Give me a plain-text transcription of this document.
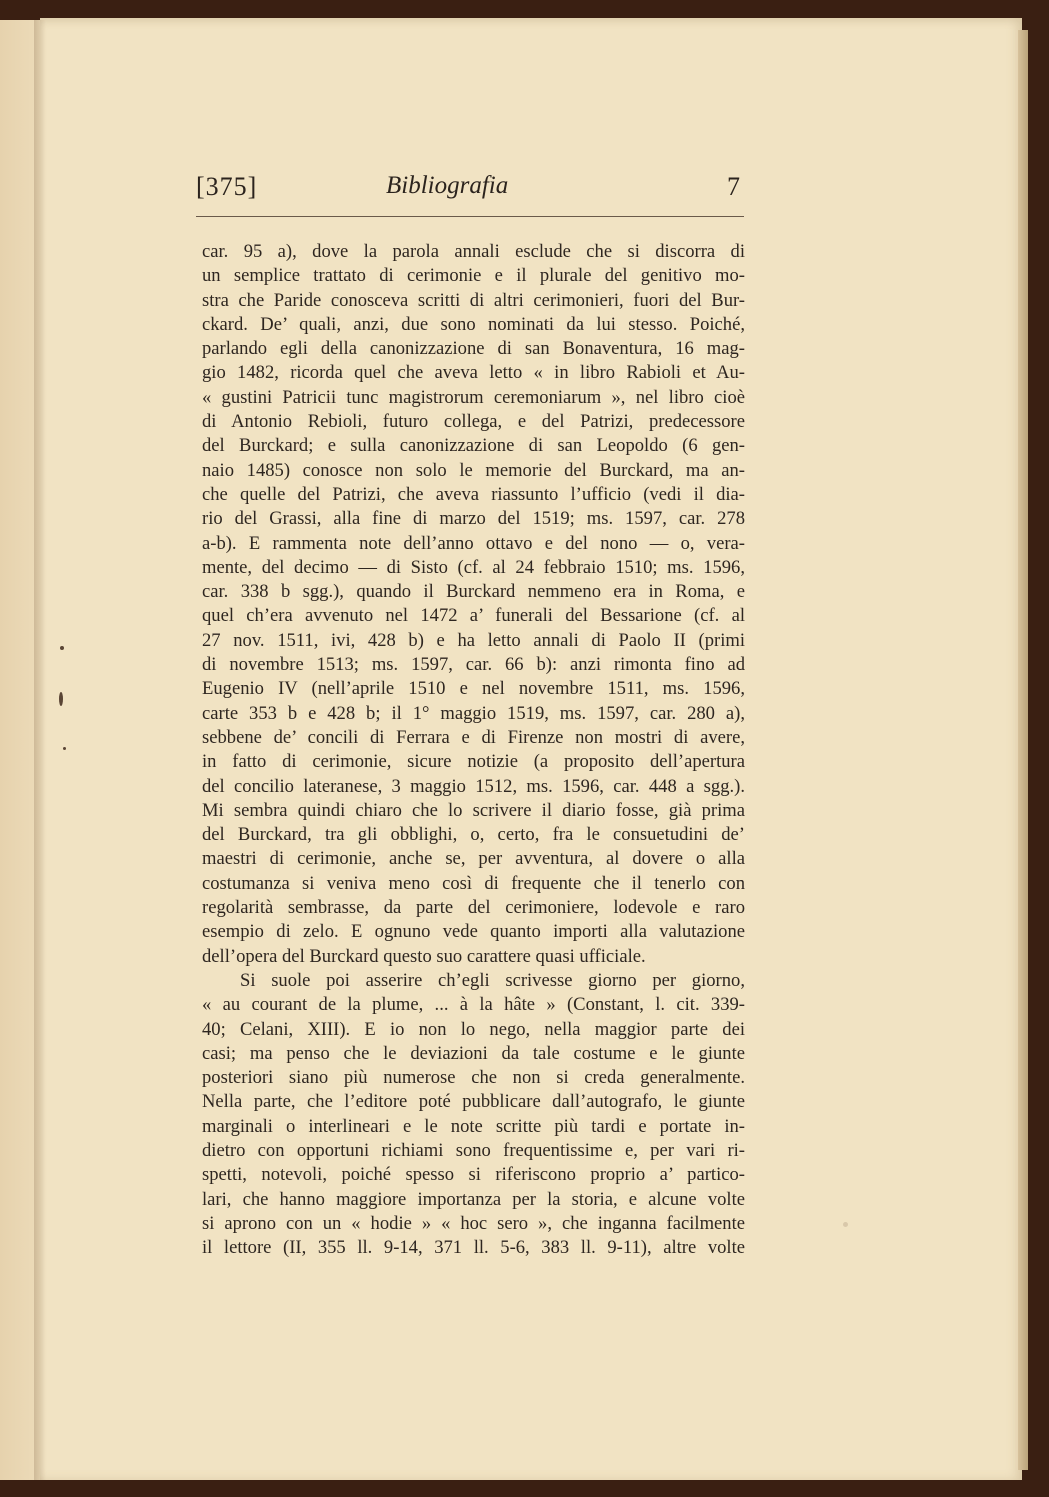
[375]	Bibliografia	7
car. 95 a), dove la parola annali esclude che si discorra di
un semplice trattato di cerimonie e il plurale del genitivo mo-
stra che Paride conosceva scritti di altri cerimonieri, fuori del Bur-
ckard. De’ quali, anzi, due sono nominati da lui stesso. Poiché,
parlando egli della canonizzazione di san Bonaventura, 16 mag-
gio 1482, ricorda quel che aveva letto « in libro Rabioli et Au-
« gustini Patricii tunc magistrorum ceremoniarum », nel libro cioè
di Antonio Rebioli, futuro collega, e del Patrizi, predecessore
del Burckard; e sulla canonizzazione di san Leopoldo (6 gen-
naio 1485) conosce non solo le memorie del Burckard, ma an-
che quelle del Patrizi, che aveva riassunto l’ufficio (vedi il dia-
rio del Grassi, alla fine di marzo del 1519; ms. 1597, car. 278
a-b). E rammenta note dell’anno ottavo e del nono — o, vera-
mente, del decimo — di Sisto (cf. al 24 febbraio 1510; ms. 1596,
car. 338 b sgg.), quando il Burckard nemmeno era in Roma, e
quel ch’era avvenuto nel 1472 a’ funerali del Bessarione (cf. al
27 nov. 1511, ivi, 428 b) e ha letto annali di Paolo II (primi
di novembre 1513; ms. 1597, car. 66 b): anzi rimonta fino ad
Eugenio IV (nell’aprile 1510 e nel novembre 1511, ms. 1596,
carte 353 b e 428 b; il 1° maggio 1519, ms. 1597, car. 280 a),
sebbene de’ concili di Ferrara e di Firenze non mostri di avere,
in fatto di cerimonie, sicure notizie (a proposito dell’apertura
del concilio lateranese, 3 maggio 1512, ms. 1596, car. 448 a sgg.).
Mi sembra quindi chiaro che lo scrivere il diario fosse, già prima
del Burckard, tra gli obblighi, o, certo, fra le consuetudini de’
maestri di cerimonie, anche se, per avventura, al dovere o alla
costumanza si veniva meno così di frequente che il tenerlo con
regolarità sembrasse, da parte del cerimoniere, lodevole e raro
esempio di zelo. E ognuno vede quanto importi alla valutazione
dell’opera del Burckard questo suo carattere quasi ufficiale.
Si suole poi asserire ch’egli scrivesse giorno per giorno,
« au courant de la plume, ... à la hâte » (Constant, l. cit. 339-
40; Celani, XIII). E io non lo nego, nella maggior parte dei
casi; ma penso che le deviazioni da tale costume e le giunte
posteriori siano più numerose che non si creda generalmente.
Nella parte, che l’editore poté pubblicare dall’autografo, le giunte
marginali o interlineari e le note scritte più tardi e portate in-
dietro con opportuni richiami sono frequentissime e, per vari ri-
spetti, notevoli, poiché spesso si riferiscono proprio a’ partico-
lari, che hanno maggiore importanza per la storia, e alcune volte
si aprono con un « hodie » « hoc sero », che inganna facilmente
il lettore (II, 355 ll. 9-14, 371 ll. 5-6, 383 ll. 9-11), altre volte
